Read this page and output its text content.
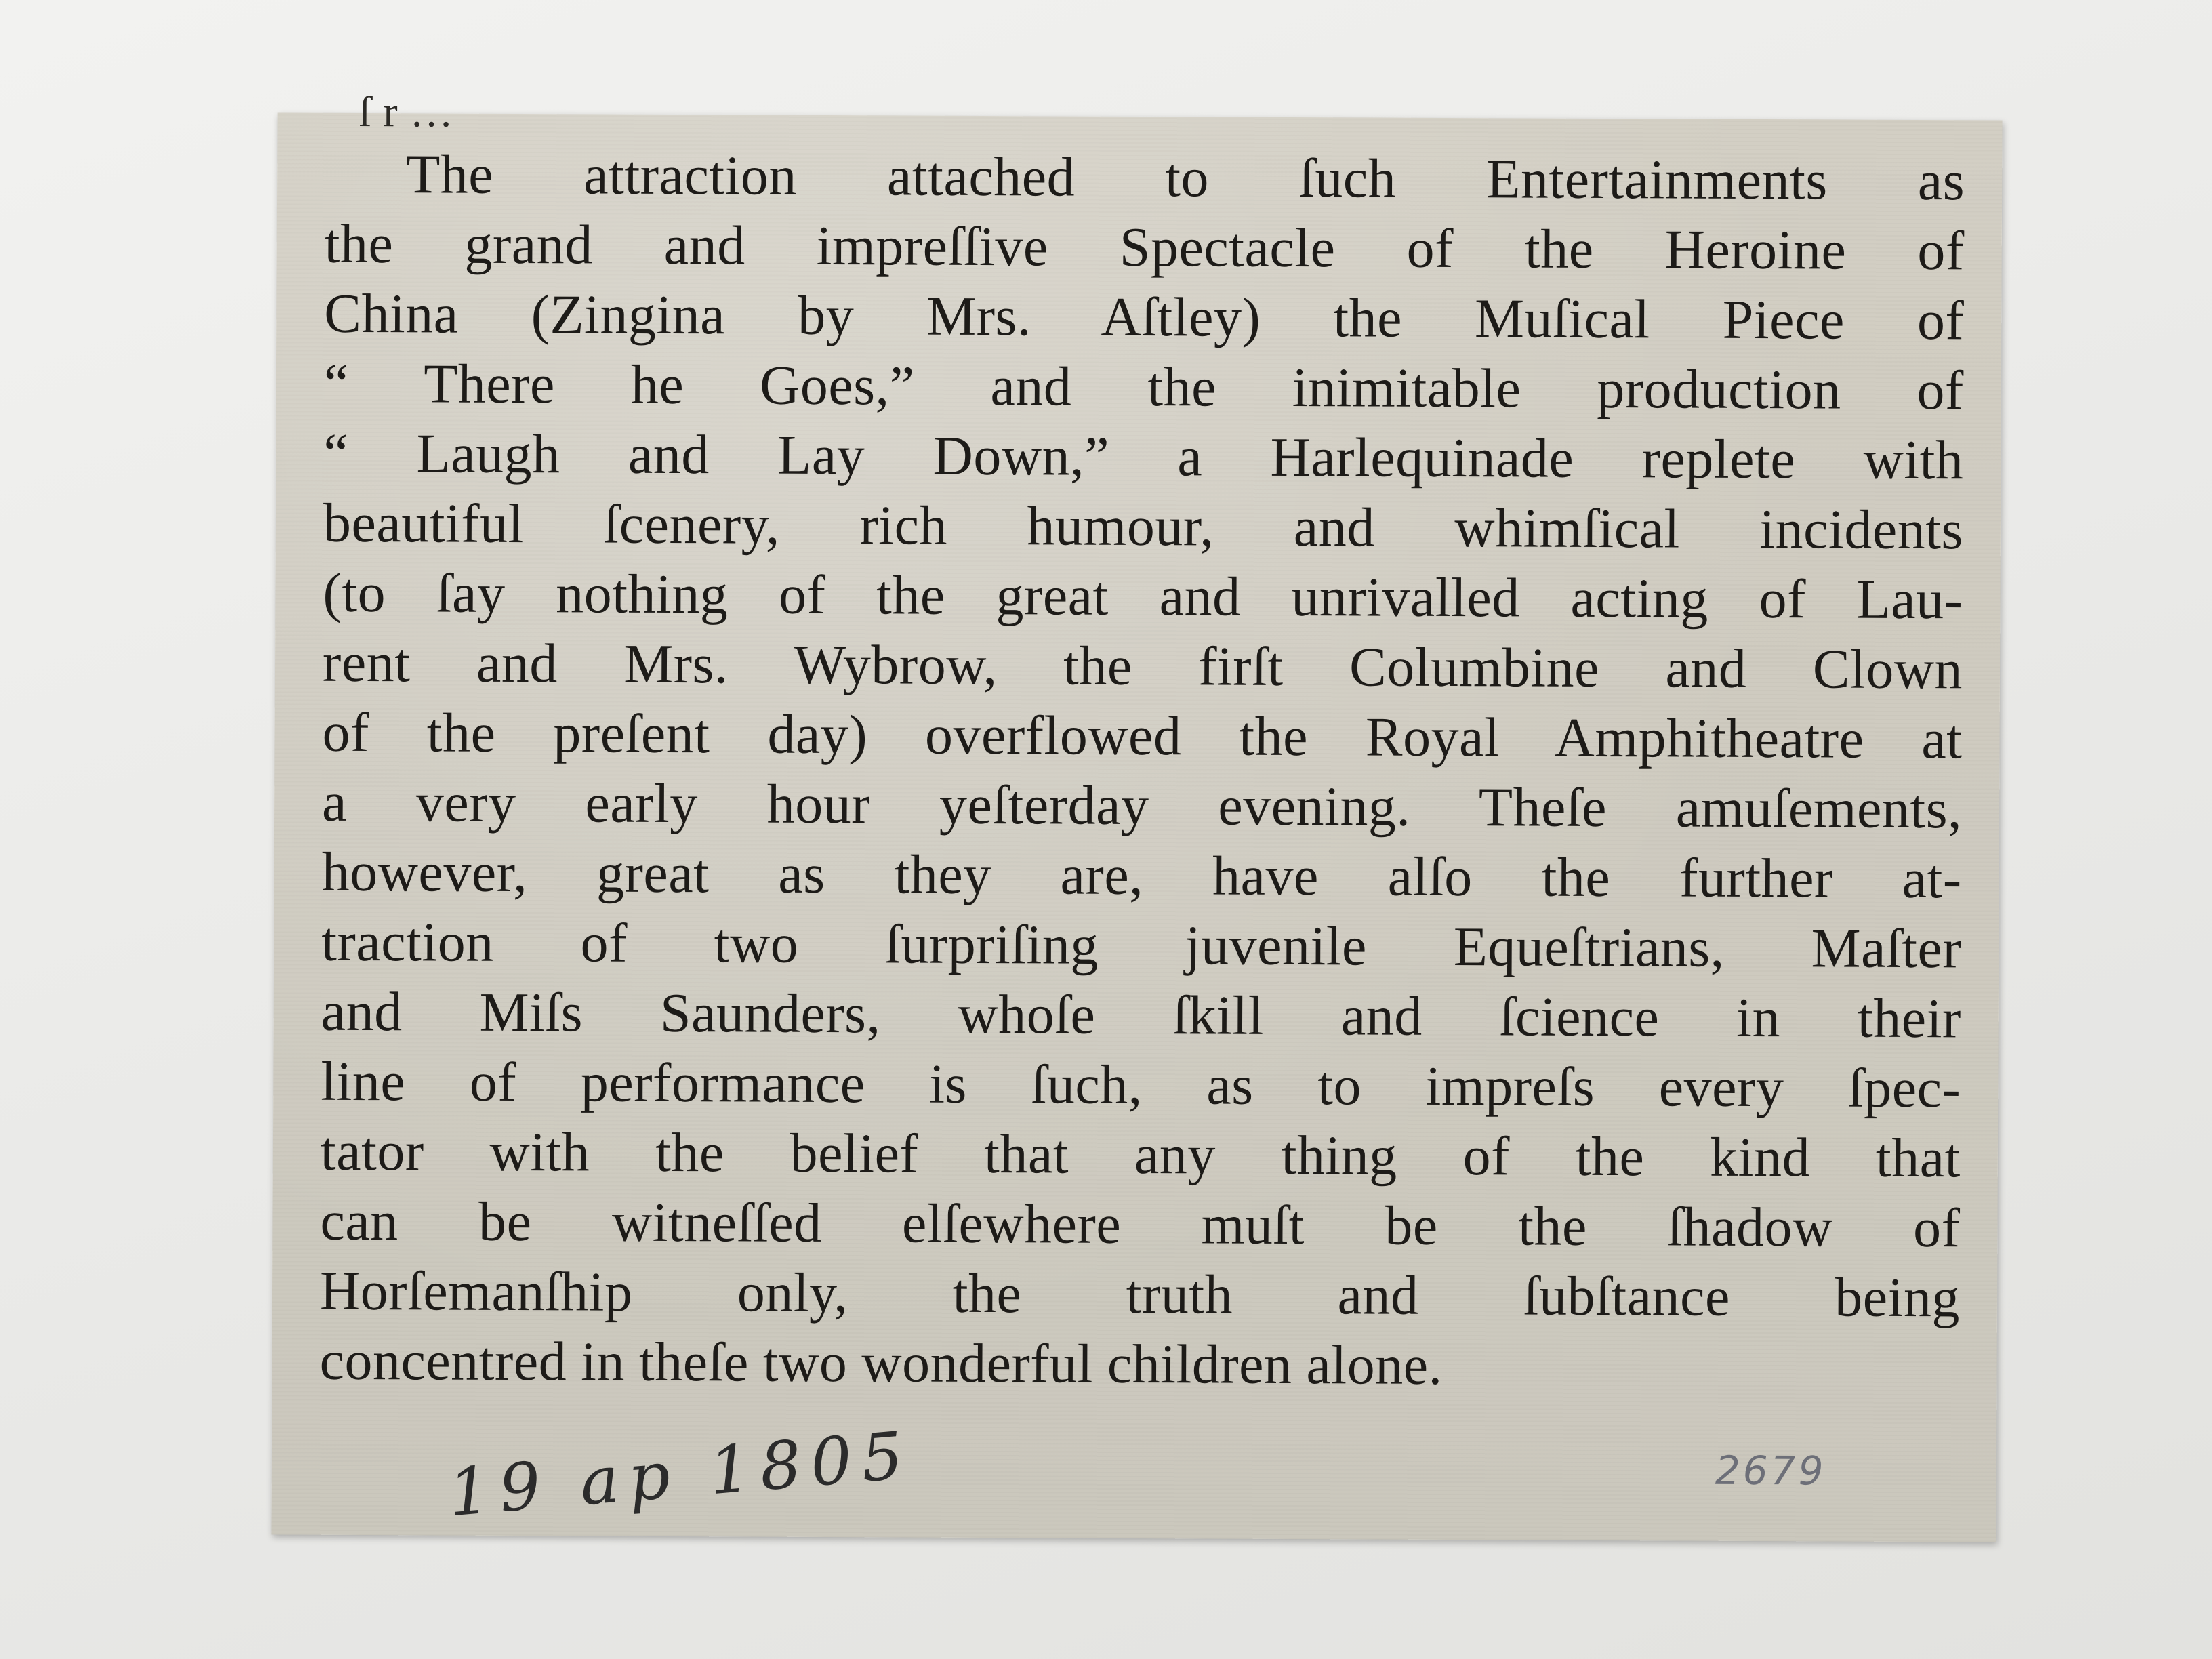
ſr…
The attraction attached to ſuch Entertainments as
the grand and impreſſive Spectacle of the Heroine of
China (Zingina by Mrs. Aſtley) the Muſical Piece of
“ There he Goes,” and the inimitable production of
“ Laugh and Lay Down,” a Harlequinade replete with
beautiful ſcenery, rich humour, and whimſical incidents
(to ſay nothing of the great and unrivalled acting of Lau-
rent and Mrs. Wybrow, the firſt Columbine and Clown
of the preſent day) overflowed the Royal Amphitheatre at
a very early hour yeſterday evening. Theſe amuſements,
however, great as they are, have alſo the further at-
traction of two ſurpriſing juvenile Equeſtrians, Maſter
and Miſs Saunders, whoſe ſkill and ſcience in their
line of performance is ſuch, as to impreſs every ſpec-
tator with the belief that any thing of the kind that
can be witneſſed elſewhere muſt be the ſhadow of
Horſemanſhip only, the truth and ſubſtance being
concentred in theſe two wonderful children alone.
19 ap 1805	2679
